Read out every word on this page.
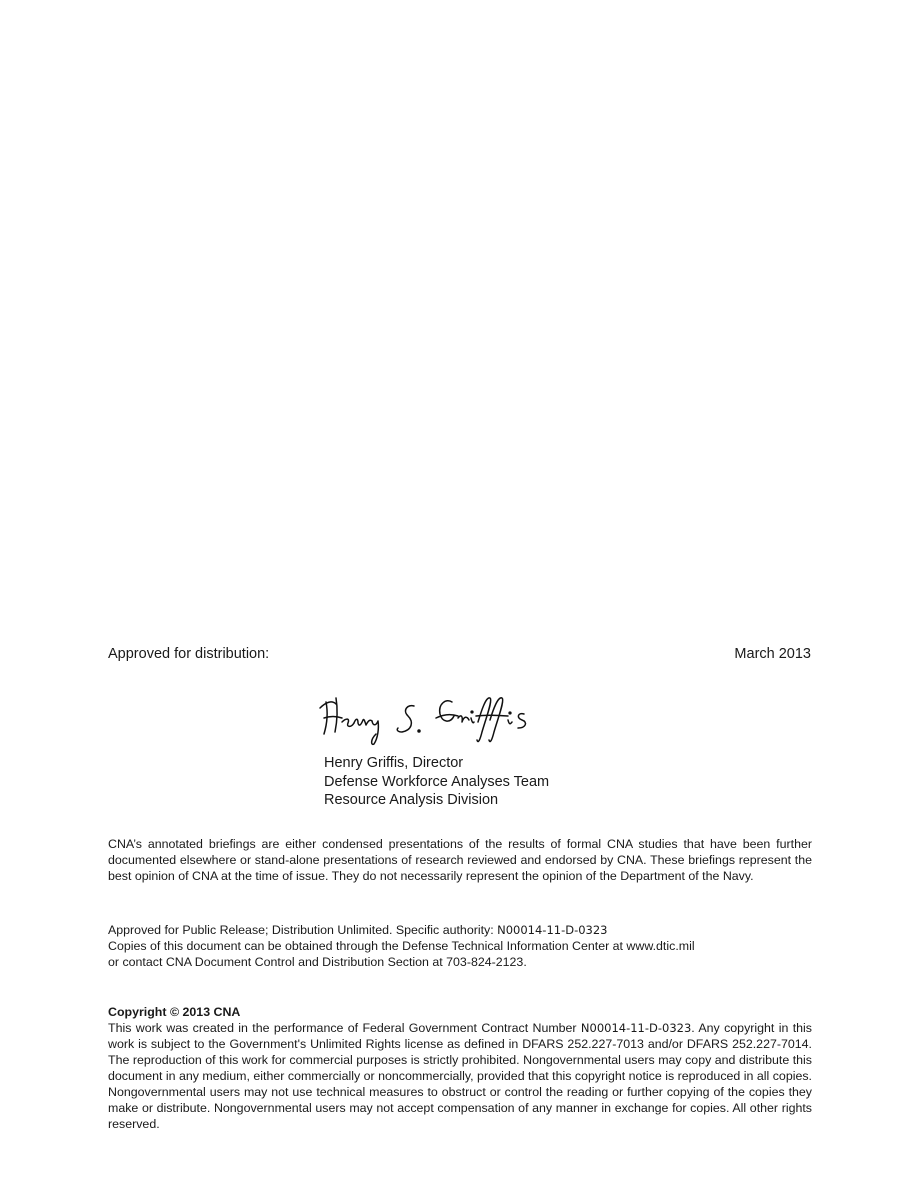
Approved for distribution:	March 2013
Henry Griffis, Director
Defense Workforce Analyses Team
Resource Analysis Division
CNA’s annotated briefings are either condensed presentations of the results of formal CNA studies that have been further documented elsewhere or stand-alone presentations of research reviewed and endorsed by CNA. These briefings represent the best opinion of CNA at the time of issue. They do not necessarily represent the opinion of the Department of the Navy.
Approved for Public Release; Distribution Unlimited. Specific authority: N00014-11-D-0323
Copies of this document can be obtained through the Defense Technical Information Center at www.dtic.mil
or contact CNA Document Control and Distribution Section at 703-824-2123.
Copyright © 2013 CNA
This work was created in the performance of Federal Government Contract Number N00014-11-D-0323. Any copyright in this work is subject to the Government's Unlimited Rights license as defined in DFARS 252.227-7013 and/or DFARS 252.227-7014. The reproduction of this work for commercial purposes is strictly prohibited. Nongovernmental users may copy and distribute this document in any medium, either commercially or noncommercially, provided that this copyright notice is reproduced in all copies. Nongovernmental users may not use technical measures to obstruct or control the reading or further copying of the copies they make or distribute. Nongovernmental users may not accept compensation of any manner in exchange for copies. All other rights reserved.
